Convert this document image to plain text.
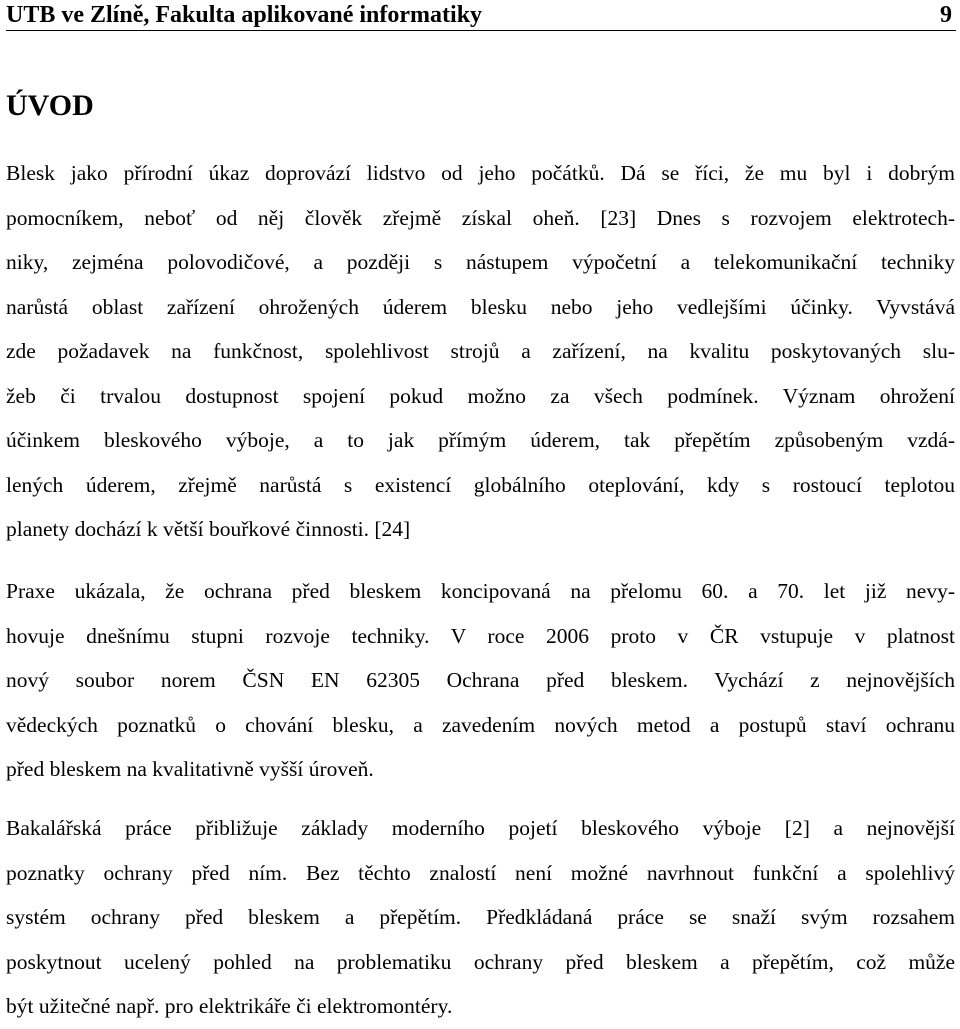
UTB ve Zlíně, Fakulta aplikované informatiky	9
ÚVOD

Blesk jako přírodní úkaz doprovází lidstvo od jeho počátků. Dá se říci, že mu byl i dobrým
pomocníkem, neboť od něj člověk zřejmě získal oheň. [23] Dnes s rozvojem elektrotech-
niky, zejména polovodičové, a později s nástupem výpočetní a telekomunikační techniky
narůstá oblast zařízení ohrožených úderem blesku nebo jeho vedlejšími účinky. Vyvstává
zde požadavek na funkčnost, spolehlivost strojů a zařízení, na kvalitu poskytovaných slu-
žeb či trvalou dostupnost spojení pokud možno za všech podmínek. Význam ohrožení
účinkem bleskového výboje, a to jak přímým úderem, tak přepětím způsobeným vzdá-
lených úderem, zřejmě narůstá s existencí globálního oteplování, kdy s rostoucí teplotou
planety dochází k větší bouřkové činnosti. [24]

Praxe ukázala, že ochrana před bleskem koncipovaná na přelomu 60. a 70. let již nevy-
hovuje dnešnímu stupni rozvoje techniky. V roce 2006 proto v ČR vstupuje v platnost
nový soubor norem ČSN EN 62305 Ochrana před bleskem. Vychází z nejnovějších
vědeckých poznatků o chování blesku, a zavedením nových metod a postupů staví ochranu
před bleskem na kvalitativně vyšší úroveň.

Bakalářská práce přibližuje základy moderního pojetí bleskového výboje [2] a nejnovější
poznatky ochrany před ním. Bez těchto znalostí není možné navrhnout funkční a spolehlivý
systém ochrany před bleskem a přepětím. Předkládaná práce se snaží svým rozsahem
poskytnout ucelený pohled na problematiku ochrany před bleskem a přepětím, což může
být užitečné např. pro elektrikáře či elektromontéry.
